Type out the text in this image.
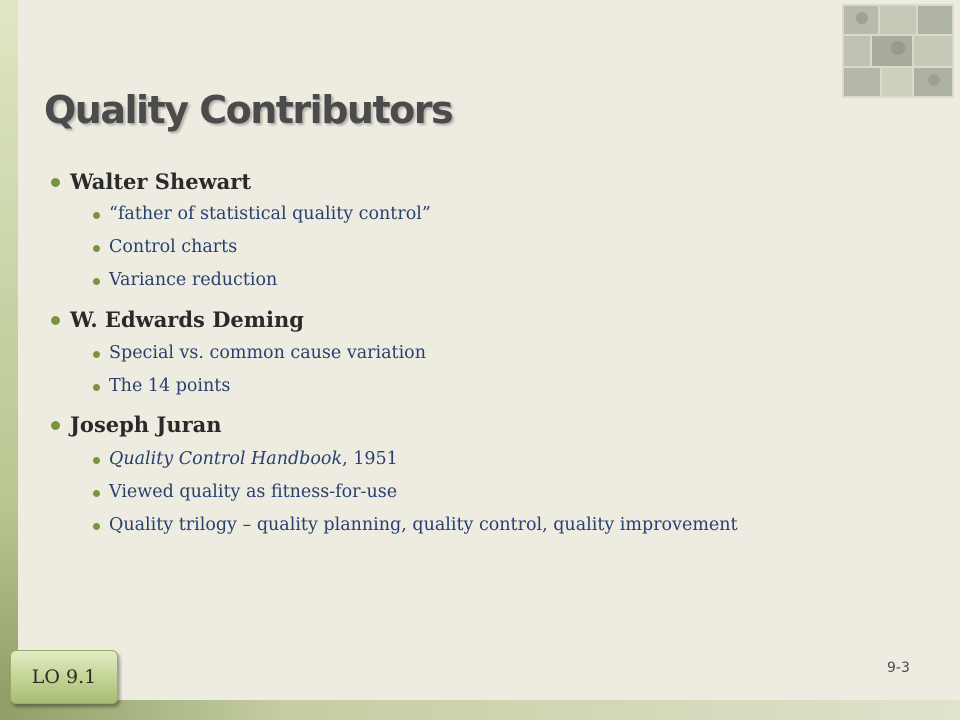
Quality Contributors
Walter Shewart
“father of statistical quality control”
Control charts
Variance reduction
W. Edwards Deming
Special vs. common cause variation
The 14 points
Joseph Juran
Quality Control Handbook, 1951
Viewed quality as fitness-for-use
Quality trilogy – quality planning, quality control, quality improvement
LO 9.1	9-3
